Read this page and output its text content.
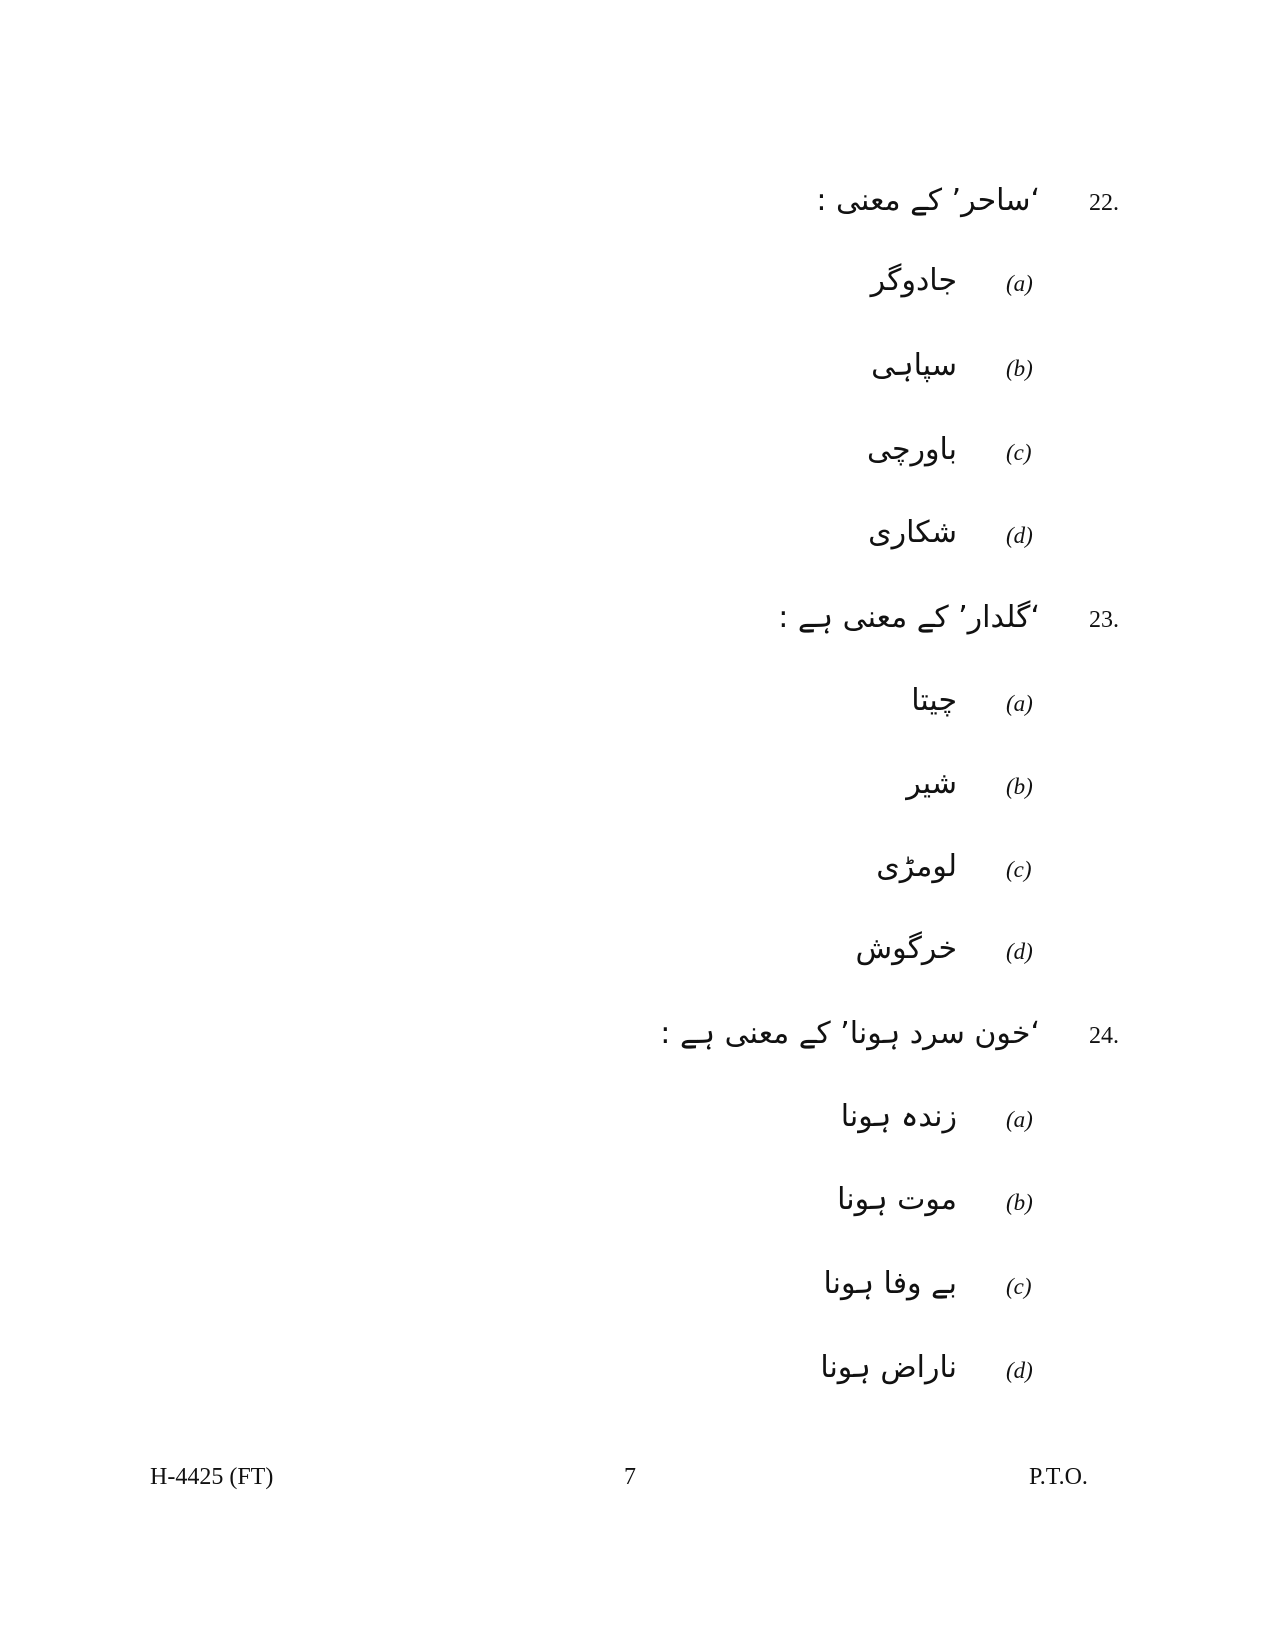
‘ساحر’ کے معنی : 22.
جادوگر (a)
سپاہی (b)
باورچی (c)
شکاری (d)
‘گلدار’ کے معنی ہے : 23.
چیتا (a)
شیر (b)
لومڑی (c)
خرگوش (d)
‘خون سرد ہونا’ کے معنی ہے : 24.
زندہ ہونا (a)
موت ہونا (b)
بے وفا ہونا (c)
ناراض ہونا (d)
H-4425 (FT)	7	P.T.O.
